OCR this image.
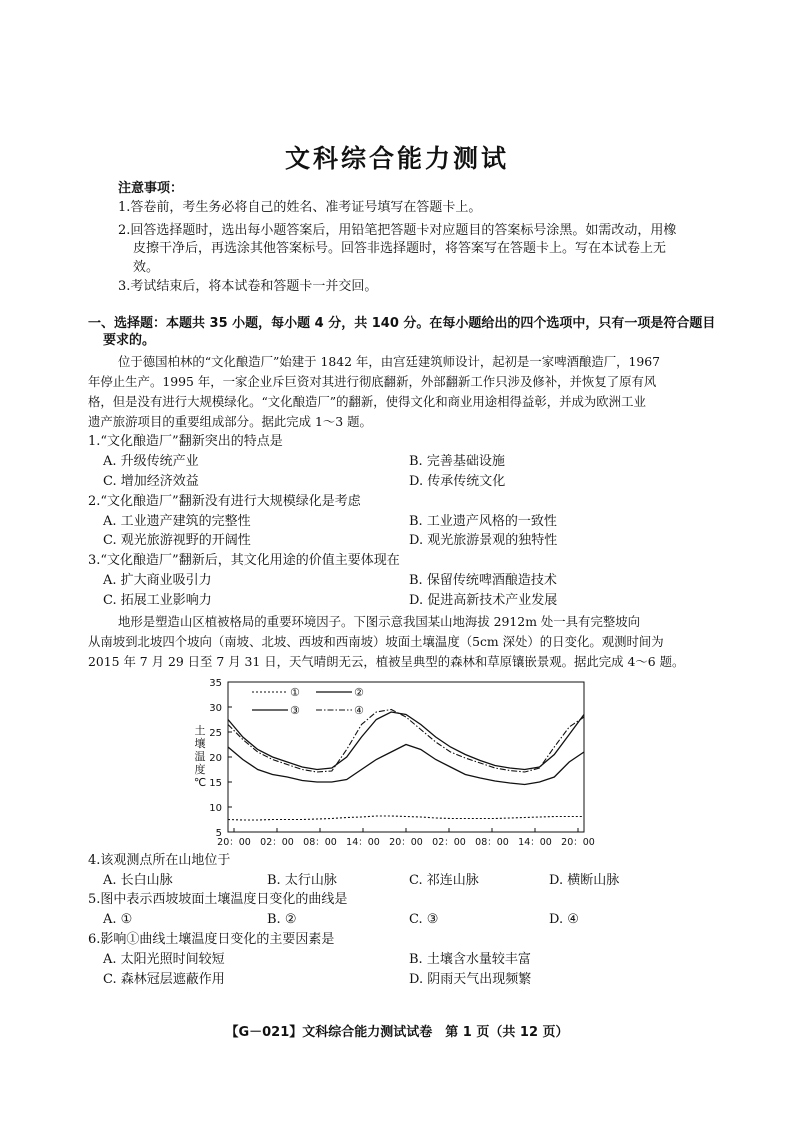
文科综合能力测试
注意事项：
1.答卷前，考生务必将自己的姓名、准考证号填写在答题卡上。
2.回答选择题时，选出每小题答案后，用铅笔把答题卡对应题目的答案标号涂黑。如需改动，用橡
皮擦干净后，再选涂其他答案标号。回答非选择题时，将答案写在答题卡上。写在本试卷上无
效。
3.考试结束后，将本试卷和答题卡一并交回。
一、选择题：本题共 35 小题，每小题 4 分，共 140 分。在每小题给出的四个选项中，只有一项是符合题目
要求的。
位于德国柏林的“文化酿造厂”始建于 1842 年，由宫廷建筑师设计，起初是一家啤酒酿造厂，1967
年停止生产。1995 年，一家企业斥巨资对其进行彻底翻新，外部翻新工作只涉及修补，并恢复了原有风
格，但是没有进行大规模绿化。“文化酿造厂”的翻新，使得文化和商业用途相得益彰，并成为欧洲工业
遗产旅游项目的重要组成部分。据此完成 1～3 题。
1.“文化酿造厂”翻新突出的特点是
A. 升级传统产业	B. 完善基础设施
C. 增加经济效益	D. 传承传统文化
2.“文化酿造厂”翻新没有进行大规模绿化是考虑
A. 工业遗产建筑的完整性	B. 工业遗产风格的一致性
C. 观光旅游视野的开阔性	D. 观光旅游景观的独特性
3.“文化酿造厂”翻新后，其文化用途的价值主要体现在
A. 扩大商业吸引力	B. 保留传统啤酒酿造技术
C. 拓展工业影响力	D. 促进高新技术产业发展
地形是塑造山区植被格局的重要环境因子。下图示意我国某山地海拔 2912m 处一具有完整坡向
从南坡到北坡四个坡向（南坡、北坡、西坡和西南坡）坡面土壤温度（5cm 深处）的日变化。观测时间为
2015 年 7 月 29 日至 7 月 31 日，天气晴朗无云，植被呈典型的森林和草原镶嵌景观。据此完成 4～6 题。
35
30
25
20
15
10
5
20：00 02：00 08：00 14：00 20：00 02：00 08：00 14：00 20：00
①	②
③	④
土
壤
温
度
℃
4.该观测点所在山地位于
A. 长白山脉	B. 太行山脉	C. 祁连山脉	D. 横断山脉
5.图中表示西坡坡面土壤温度日变化的曲线是
A. ①	B. ②	C. ③	D. ④
6.影响①曲线土壤温度日变化的主要因素是
A. 太阳光照时间较短	B. 土壤含水量较丰富
C. 森林冠层遮蔽作用	D. 阴雨天气出现频繁
【G－021】文科综合能力测试试卷　第 1 页（共 12 页）
